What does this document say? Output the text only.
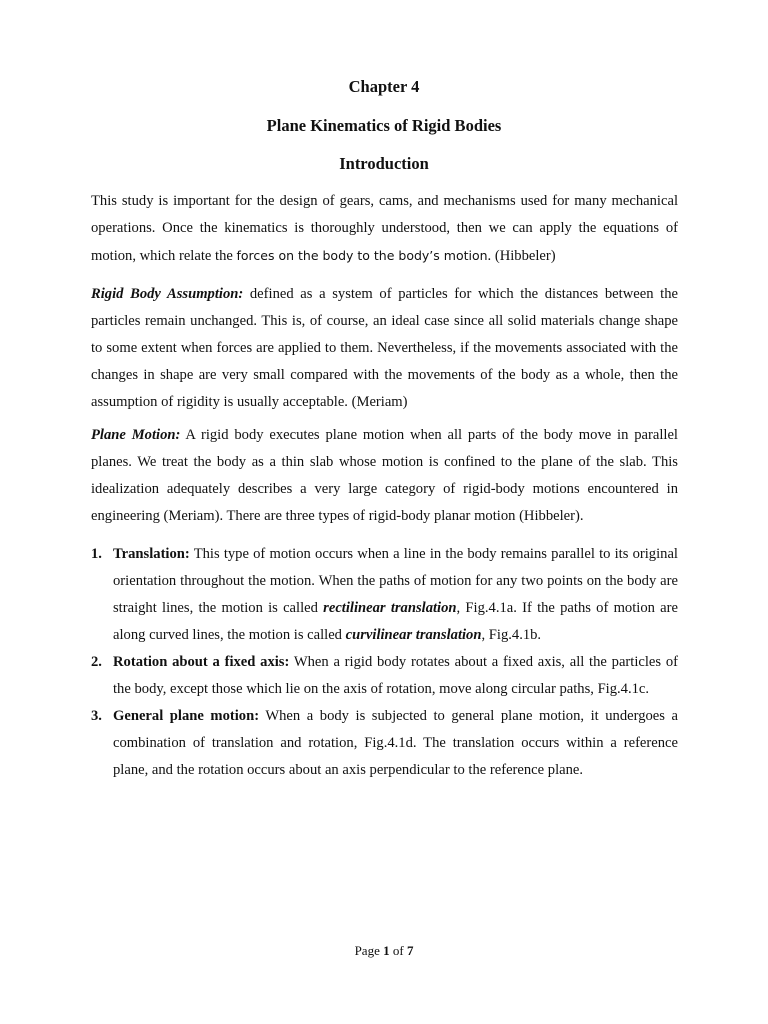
Chapter 4
Plane Kinematics of Rigid Bodies
Introduction

This study is important for the design of gears, cams, and mechanisms used for many mechanical operations. Once the kinematics is thoroughly understood, then we can apply the equations of motion, which relate the forces on the body to the body’s motion. (Hibbeler)

Rigid Body Assumption: defined as a system of particles for which the distances between the particles remain unchanged. This is, of course, an ideal case since all solid materials change shape to some extent when forces are applied to them. Nevertheless, if the movements associated with the changes in shape are very small compared with the movements of the body as a whole, then the assumption of rigidity is usually acceptable. (Meriam)

Plane Motion: A rigid body executes plane motion when all parts of the body move in parallel planes. We treat the body as a thin slab whose motion is confined to the plane of the slab. This idealization adequately describes a very large category of rigid-body motions encountered in engineering (Meriam). There are three types of rigid-body planar motion (Hibbeler).

1. Translation: This type of motion occurs when a line in the body remains parallel to its original orientation throughout the motion. When the paths of motion for any two points on the body are straight lines, the motion is called rectilinear translation, Fig.4.1a. If the paths of motion are along curved lines, the motion is called curvilinear translation, Fig.4.1b.
2. Rotation about a fixed axis: When a rigid body rotates about a fixed axis, all the particles of the body, except those which lie on the axis of rotation, move along circular paths, Fig.4.1c.
3. General plane motion: When a body is subjected to general plane motion, it undergoes a combination of translation and rotation, Fig.4.1d. The translation occurs within a reference plane, and the rotation occurs about an axis perpendicular to the reference plane.

Page 1 of 7
